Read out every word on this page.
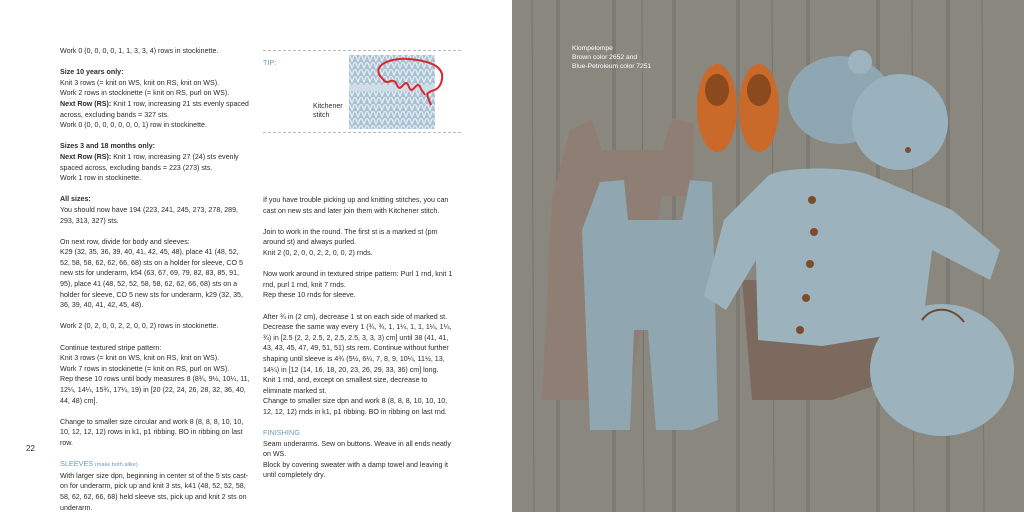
Work 0 (0, 0, 0, 0, 1, 1, 3, 3, 4) rows in stockinette.

Size 10 years only:

Knit 3 rows (= knit on WS, knit on RS, knit on WS).

Work 2 rows in stockinette (= knit on RS, purl on WS).

Next Row (RS): Knit 1 row, increasing 21 sts evenly spaced across, excluding bands = 327 sts.

Work 0 (0, 0, 0, 0, 0, 0, 0, 1) row in stockinette.

Sizes 3 and 18 months only:

Next Row (RS): Knit 1 row, increasing 27 (24) sts evenly spaced across, excluding bands = 223 (273) sts.

Work 1 row in stockinette.

All sizes:

You should now have 194 (223, 241, 245, 273, 278, 289, 293, 313, 327) sts.

On next row, divide for body and sleeves:

K29 (32, 35, 36, 39, 40, 41, 42, 45, 48), place 41 (48, 52, 52, 58, 58, 62, 62, 66, 68) sts on a holder for sleeve, CO 5 new sts for underarm, k54 (63, 67, 69, 79, 82, 83, 85, 91, 95), place 41 (48, 52, 52, 58, 58, 62, 62, 66, 68) sts on a holder for sleeve, CO 5 new sts for underarm, k29 (32, 35, 36, 39, 40, 41, 42, 45, 48).

Work 2 (0, 2, 0, 0, 2, 2, 0, 0, 2) rows in stockinette.

Continue textured stripe pattern:

Knit 3 rows (= knit on WS, knit on RS, knit on WS).

Work 7 rows in stockinette (= knit on RS, purl on WS).

Rep these 10 rows until body measures 8 (8¾, 9½, 10¼, 11, 12¼, 14¼, 15¾, 17¼, 19) in [20 (22, 24, 26, 28, 32, 36, 40, 44, 48) cm].

Change to smaller size circular and work 8 (8, 8, 8, 10, 10, 10, 12, 12, 12) rows in k1, p1 ribbing. BO in ribbing on last row.

SLEEVES (make both alike)

With larger size dpn, beginning in center st of the 5 sts cast-on for underarm, pick up and knit 3 sts, k41 (48, 52, 52, 58, 58, 62, 62, 66, 68) held sleeve sts, pick up and knit 2 sts on underarm.

TIP:
Kitchener
stitch

If you have trouble picking up and knitting stitches, you can cast on new sts and later join them with Kitchener stitch.

Join to work in the round. The first st is a marked st (pm around st) and always purled.

Knit 2 (0, 2, 0, 0, 2, 2, 0, 0, 2) rnds.

Now work around in textured stripe pattern: Purl 1 rnd, knit 1 rnd, purl 1 rnd, knit 7 rnds.

Rep these 10 rnds for sleeve.

After ¾ in (2 cm), decrease 1 st on each side of marked st. Decrease the same way every 1 (¾, ¾, 1, 1¼, 1, 1, 1¼, 1¼, ¾) in [2.5 (2, 2, 2.5, 2, 2.5, 2.5, 3, 3, 3) cm] until 38 (41, 41, 43, 43, 45, 47, 49, 51, 51) sts rem. Continue without further shaping until sleeve is 4¾ (5½, 6¼, 7, 8, 9, 10¼, 11½, 13, 14¼) in [12 (14, 16, 18, 20, 23, 26, 29, 33, 36) cm] long.

Knit 1 rnd, and, except on smallest size, decrease to eliminate marked st.

Change to smaller size dpn and work 8 (8, 8, 8, 10, 10, 10, 12, 12, 12) rnds in k1, p1 ribbing. BO in ribbing on last rnd.

FINISHING

Seam underarms. Sew on buttons. Weave in all ends neatly on WS.

Block by covering sweater with a damp towel and leaving it until completely dry.

22
Klompelompe
Brown color 2652 and
Blue-Petroleum color 7251
